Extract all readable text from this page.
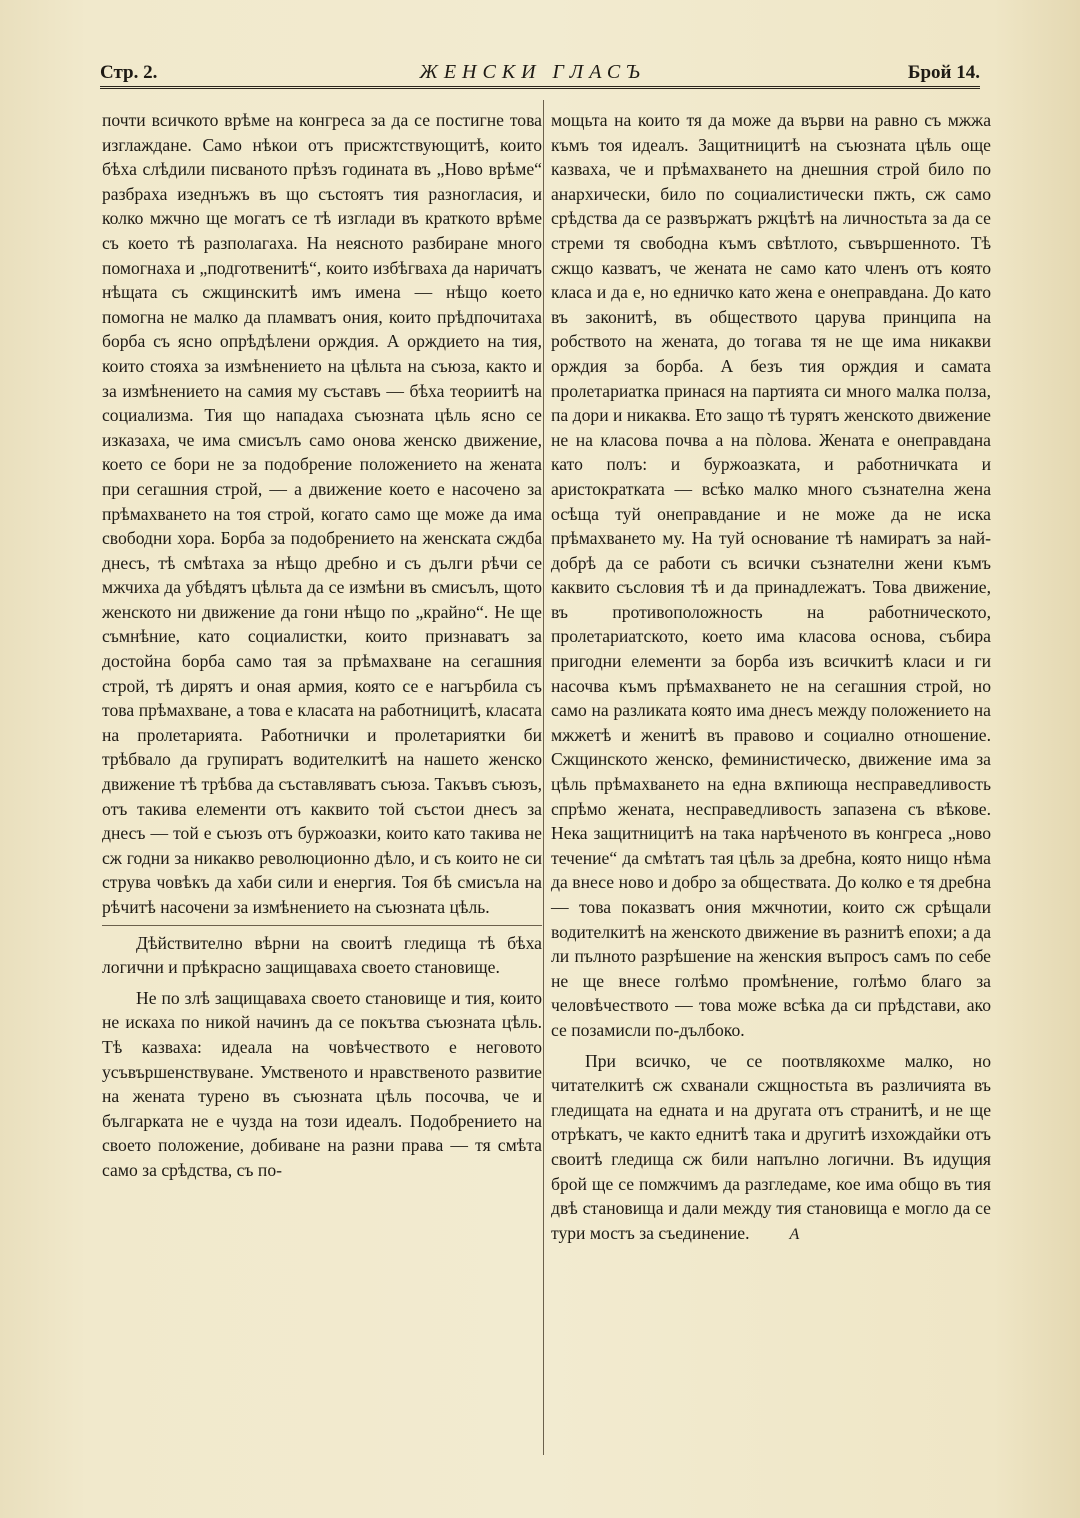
Стр. 2.	ЖЕНСКИ ГЛАСЪ	Брой 14.

почти всичкото врѣме на конгреса за да се постигне това изглаждане. Само нѣкои отъ присжтствующитѣ, които бѣха слѣдили писваното прѣзъ годината въ „Ново врѣме“ разбраха изеднъжъ въ що състоятъ тия разногласия, и колко мжчно ще могатъ се тѣ изглади въ краткото врѣме съ което тѣ разполагаха. На неясното разбиране много помогнаха и „подготвенитѣ“, които избѣгваха да наричатъ нѣщата съ сжщинскитѣ имъ имена — нѣщо което помогна не малко да пламватъ ония, които прѣдпочитаха борба съ ясно опрѣдѣлени орждия. А орждието на тия, които стояха за измѣнението на цѣльта на съюза, както и за измѣнението на самия му съставъ — бѣха теориитѣ на социализма. Тия що нападаха съюзната цѣль ясно се изказаха, че има смисълъ само онова женско движение, което се бори не за подобрение положението на жената при сегашния строй, — а движение което е насочено за прѣмахването на тоя строй, когато само ще може да има свободни хора. Борба за подобрението на женската сждба днесъ, тѣ смѣтаха за нѣщо дребно и съ дълги рѣчи се мжчиха да убѣдятъ цѣльта да се измѣни въ смисълъ, щото женското ни движение да гони нѣщо по „крайно“. Не ще съмнѣние, като социалистки, които признаватъ за достойна борба само тая за прѣмахване на сегашния строй, тѣ дирятъ и оная армия, която се е нагърбила съ това прѣмахване, а това е класата на работницитѣ, класата на пролетарията. Работнички и пролетариятки би трѣбвало да групиратъ водителкитѣ на нашето женско движение тѣ трѣбва да съставляватъ съюза. Такъвъ съюзъ, отъ такива елементи отъ каквито той състои днесъ за днесъ — той е съюзъ отъ буржоазки, които като такива не сж годни за никакво революционно дѣло, и съ които не си струва човѣкъ да хаби сили и енергия. Тоя бѣ смисъла на рѣчитѣ насочени за измѣнението на съюзната цѣль.

Дѣйствително вѣрни на своитѣ гледища тѣ бѣха логични и прѣкрасно защищаваха своето становище.

Не по злѣ защищаваха своето становище и тия, които не искаха по никой начинъ да се покътва съюзната цѣль. Тѣ казваха: идеала на човѣчеството е неговото усъвършенствуване. Умственото и нравственото развитие на жената турено въ съюзната цѣль посочва, че и българката не е чузда на този идеалъ. Подобрението на своето положение, добиване на разни права — тя смѣта само за срѣдства, съ по-

мощьта на които тя да може да върви на равно съ мжжа къмъ тоя идеалъ. Защитницитѣ на съюзната цѣль още казваха, че и прѣмахването на днешния строй било по анархически, било по социалистически пжть, сж само срѣдства да се развържатъ ржцѣтѣ на личностьта за да се стреми тя свободна къмъ свѣтлото, съвършенното. Тѣ сжщо казватъ, че жената не само като членъ отъ която класа и да е, но едничко като жена е онеправдана. До като въ законитѣ, въ обществото царува принципа на робството на жената, до тогава тя не ще има никакви орждия за борба. А безъ тия орждия и самата пролетариатка принася на партията си много малка полза, па дори и никаква. Ето защо тѣ турятъ женското движение не на класова почва а на пòлова. Жената е онеправдана като полъ: и буржоазката, и работничката и аристократката — всѣко малко много съзнателна жена осѣща туй онеправдание и не може да не иска прѣмахването му. На туй основание тѣ намиратъ за най-добрѣ да се работи съ всички съзнателни жени къмъ каквито съсловия тѣ и да принадлежатъ. Това движение, въ противоположность на работническото, пролетариатското, което има класова основа, събира пригодни елементи за борба изъ всичкитѣ класи и ги насочва къмъ прѣмахването не на сегашния строй, но само на разликата която има днесъ между положението на мжжетѣ и женитѣ въ правово и социално отношение. Сжщинското женско, феминистическо, движение има за цѣль прѣмахването на една вѫпиюща несправедливость спрѣмо жената, несправедливость запазена съ вѣкове. Нека защитницитѣ на така нарѣченото въ конгреса „ново течение“ да смѣтатъ тая цѣль за дребна, която нищо нѣма да внесе ново и добро за обществата. До колко е тя дребна — това показватъ ония мжчнотии, които сж срѣщали водителкитѣ на женското движение въ разнитѣ епохи; а да ли пълното разрѣшение на женския въпросъ самъ по себе не ще внесе голѣмо промѣнение, голѣмо благо за человѣчеството — това може всѣка да си прѣдстави, ако се позамисли по-дълбоко.

При всичко, че се поотвлякохме малко, но читателкитѣ сж схванали сжщностьта въ различията въ гледищата на едната и на другата отъ странитѣ, и не ще отрѣкатъ, че както еднитѣ така и другитѣ изхождайки отъ своитѣ гледища сж били напълно логични. Въ идущия брой ще се помжчимъ да разгледаме, кое има общо въ тия двѣ становища и дали между тия становища е могло да се тури мостъ за съединение.	А
